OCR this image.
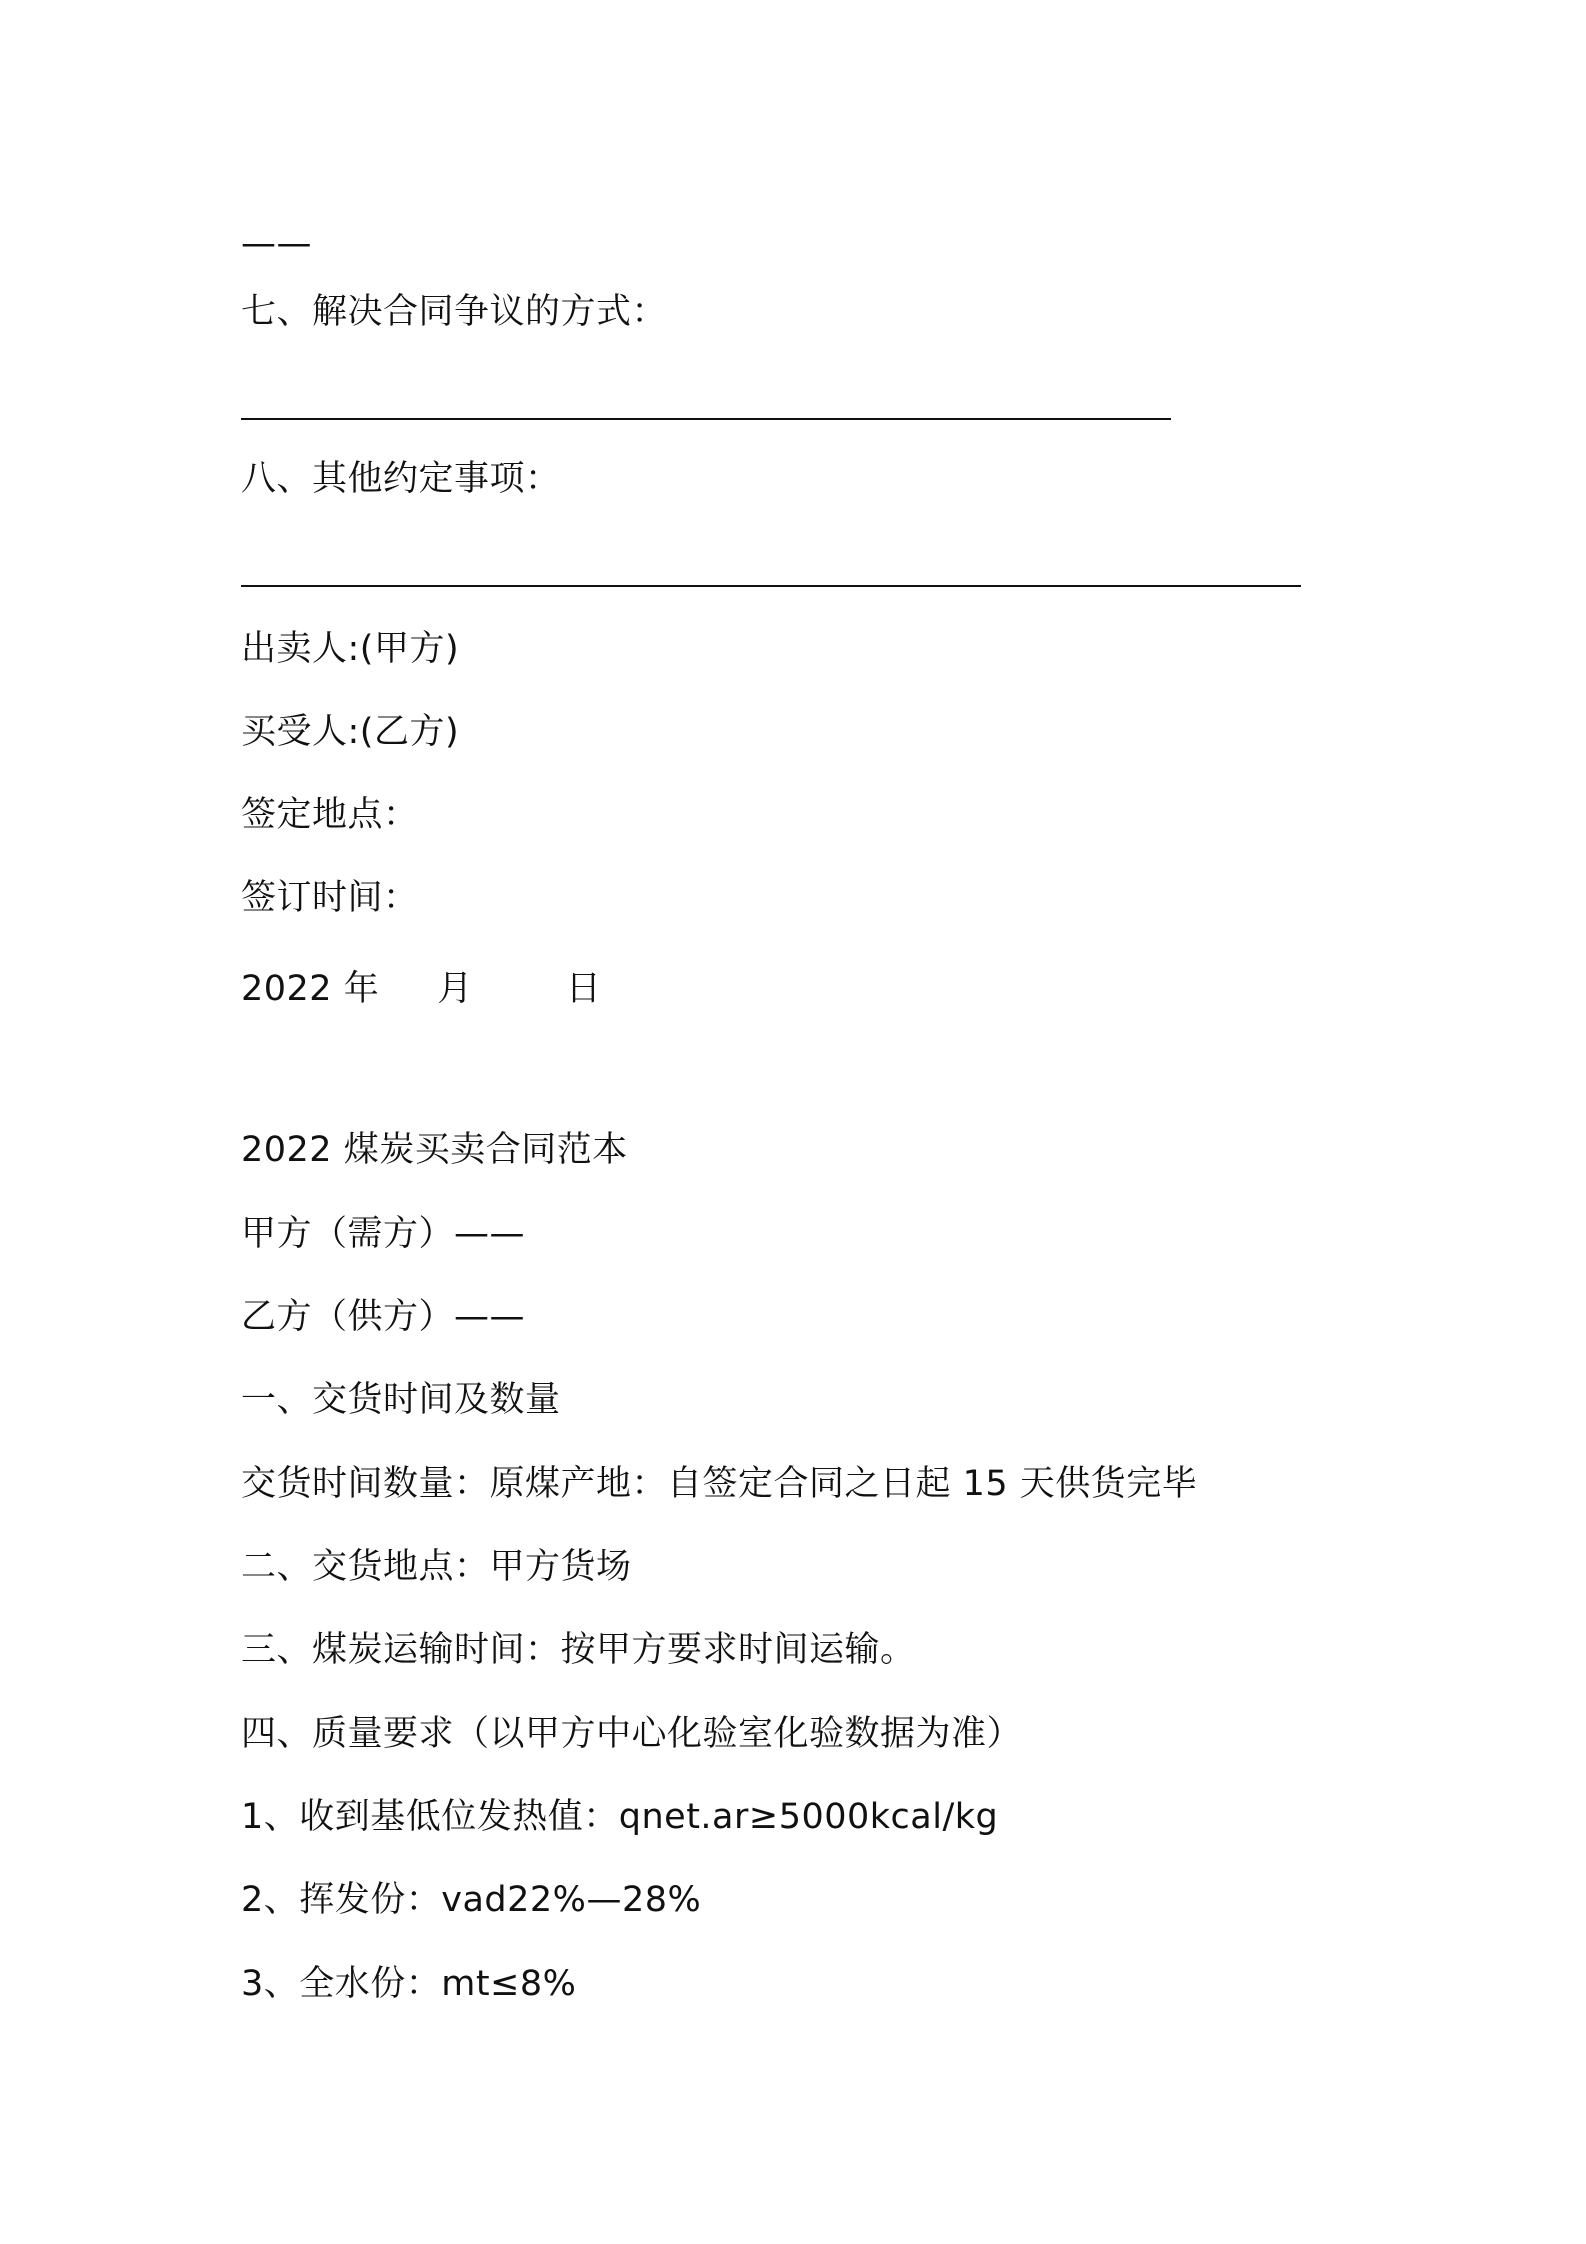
——
七、解决合同争议的方式：
八、其他约定事项：
出卖人:(甲方)
买受人:(乙方)
签定地点：
签订时间：
2022 年     月        日
2022 煤炭买卖合同范本
甲方（需方）——
乙方（供方）——
一、交货时间及数量
交货时间数量：原煤产地：自签定合同之日起 15 天供货完毕
二、交货地点：甲方货场
三、煤炭运输时间：按甲方要求时间运输。
四、质量要求（以甲方中心化验室化验数据为准）
1、收到基低位发热值：qnet.ar≥5000kcal/kg
2、挥发份：vad22%—28%
3、全水份：mt≤8%
